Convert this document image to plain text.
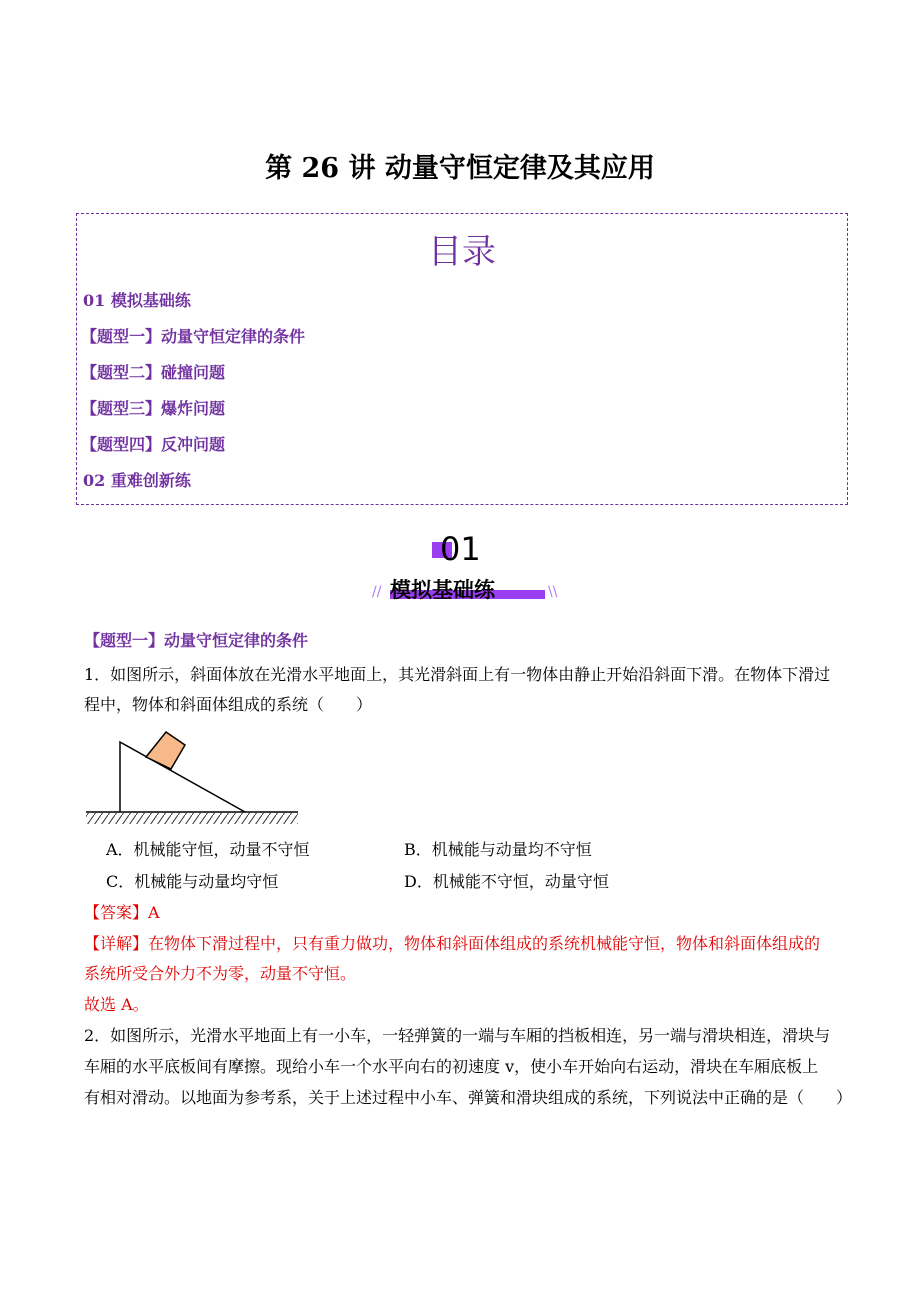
第 26 讲 动量守恒定律及其应用
目录
01 模拟基础练
【题型一】动量守恒定律的条件
【题型二】碰撞问题
【题型三】爆炸问题
【题型四】反冲问题
02 重难创新练
01
//	\\
模拟基础练
【题型一】动量守恒定律的条件
1．如图所示，斜面体放在光滑水平地面上，其光滑斜面上有一物体由静止开始沿斜面下滑。在物体下滑过
程中，物体和斜面体组成的系统（　　）
A．机械能守恒，动量不守恒	B．机械能与动量均不守恒
C．机械能与动量均守恒	D．机械能不守恒，动量守恒
【答案】A
【详解】在物体下滑过程中，只有重力做功，物体和斜面体组成的系统机械能守恒，物体和斜面体组成的
系统所受合外力不为零，动量不守恒。
故选 A。
2．如图所示，光滑水平地面上有一小车，一轻弹簧的一端与车厢的挡板相连，另一端与滑块相连，滑块与
车厢的水平底板间有摩擦。现给小车一个水平向右的初速度 v，使小车开始向右运动，滑块在车厢底板上
有相对滑动。以地面为参考系，关于上述过程中小车、弹簧和滑块组成的系统，下列说法中正确的是（　　）
